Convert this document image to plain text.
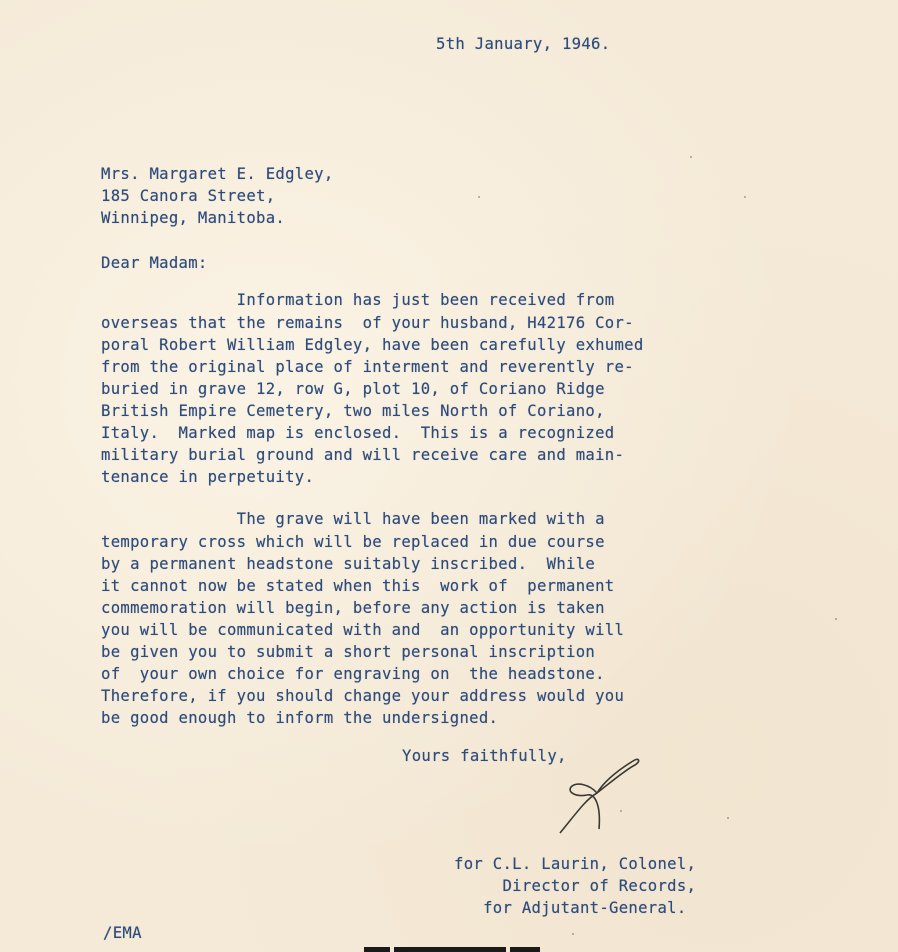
5th January, 1946.
Mrs. Margaret E. Edgley,
185 Canora Street,
Winnipeg, Manitoba.
Dear Madam:
Information has just been received from
overseas that the remains  of your husband, H42176 Cor-
poral Robert William Edgley, have been carefully exhumed
from the original place of interment and reverently re-
buried in grave 12, row G, plot 10, of Coriano Ridge
British Empire Cemetery, two miles North of Coriano,
Italy.  Marked map is enclosed.  This is a recognized
military burial ground and will receive care and main-
tenance in perpetuity.
The grave will have been marked with a
temporary cross which will be replaced in due course
by a permanent headstone suitably inscribed.  While
it cannot now be stated when this  work of  permanent
commemoration will begin, before any action is taken
you will be communicated with and  an opportunity will
be given you to submit a short personal inscription
of  your own choice for engraving on  the headstone.
Therefore, if you should change your address would you
be good enough to inform the undersigned.
Yours faithfully,
for C.L. Laurin, Colonel,
Director of Records,
for Adjutant-General.
/EMA
